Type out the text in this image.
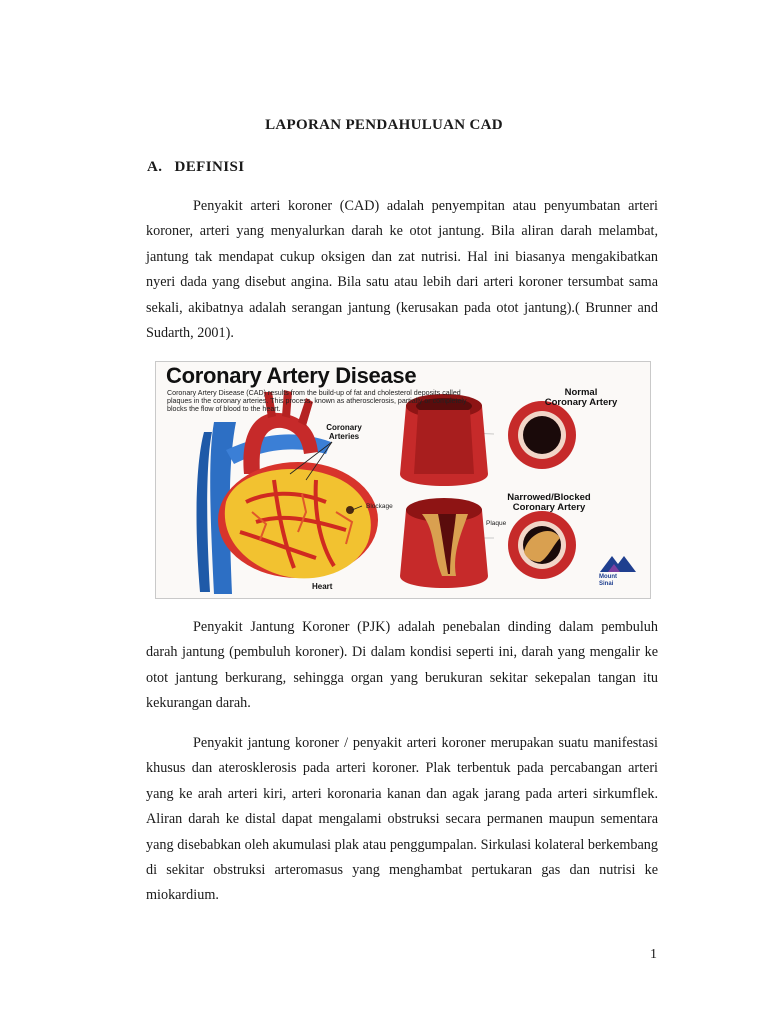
LAPORAN PENDAHULUAN CAD
A. DEFINISI

Penyakit arteri koroner (CAD) adalah penyempitan atau penyumbatan arteri koroner, arteri yang menyalurkan darah ke otot jantung. Bila aliran darah melambat, jantung tak mendapat cukup oksigen dan zat nutrisi. Hal ini biasanya mengakibatkan nyeri dada yang disebut angina. Bila satu atau lebih dari arteri koroner tersumbat sama sekali, akibatnya adalah serangan jantung (kerusakan pada otot jantung).( Brunner and Sudarth, 2001).

Coronary Artery Disease
Coronary Artery Disease (CAD) results from the build-up of fat and cholesterol deposits called plaques in the coronary arteries. This process, known as atherosclerosis, partially or completely blocks the flow of blood to the heart.
Normal
Coronary Artery
Narrowed/Blocked
Coronary Artery
Coronary
Arteries
Blockage
Plaque
Heart
Mount
Sinai

Penyakit Jantung Koroner (PJK) adalah penebalan dinding dalam pembuluh darah jantung (pembuluh koroner). Di dalam kondisi seperti ini, darah yang mengalir ke otot jantung berkurang, sehingga organ yang berukuran sekitar sekepalan tangan itu kekurangan darah.

Penyakit jantung koroner / penyakit arteri koroner merupakan suatu manifestasi khusus dan aterosklerosis pada arteri koroner. Plak terbentuk pada percabangan arteri yang ke arah arteri kiri, arteri koronaria kanan dan agak jarang pada arteri sirkumflek. Aliran darah ke distal dapat mengalami obstruksi secara permanen maupun sementara yang disebabkan oleh akumulasi plak atau penggumpalan. Sirkulasi kolateral berkembang di sekitar obstruksi arteromasus yang menghambat pertukaran gas dan nutrisi ke miokardium.

1
